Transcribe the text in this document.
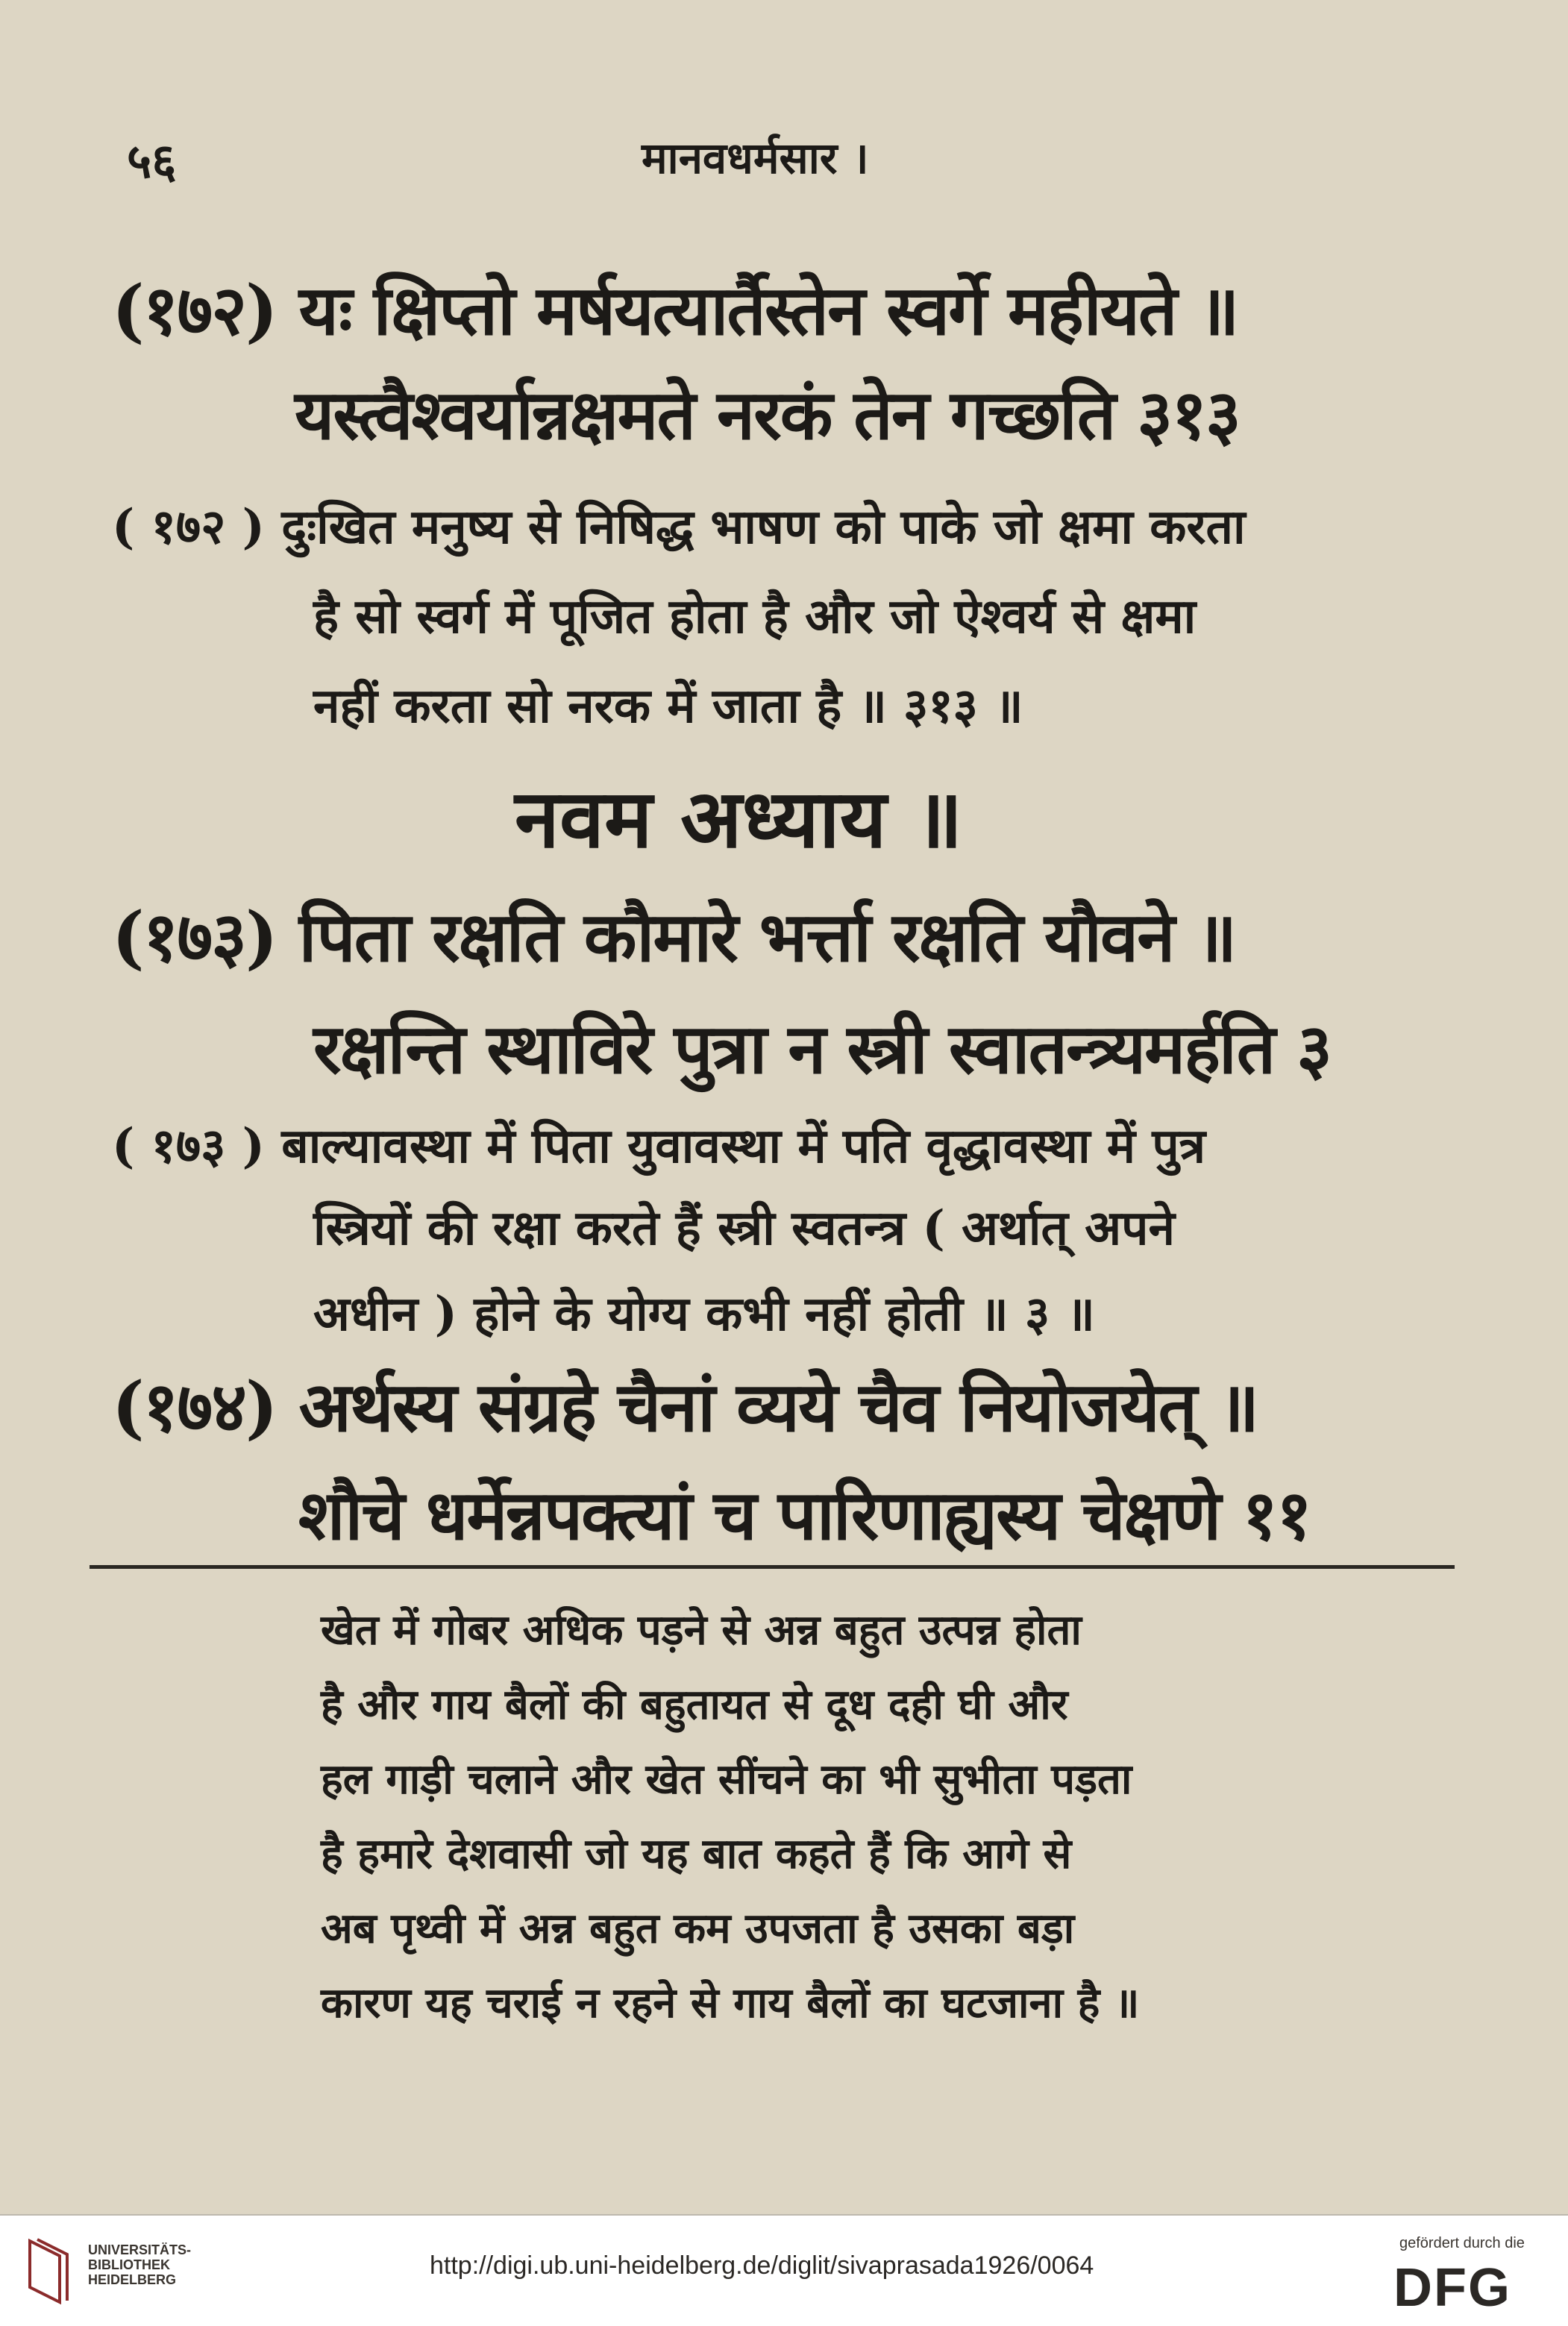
५६	मानवधर्मसार ।
(१७२) यः क्षिप्तो मर्षयत्यार्तैस्तेन स्वर्गे महीयते ॥
यस्त्वैश्वर्यान्नक्षमते नरकं तेन गच्छति ३१३
( १७२ ) दुःखित मनुष्य से निषिद्ध भाषण को पाके जो क्षमा करता
है सो स्वर्ग में पूजित होता है और जो ऐश्वर्य से क्षमा
नहीं करता सो नरक में जाता है ॥ ३१३ ॥
नवम अध्याय ॥
(१७३) पिता रक्षति कौमारे भर्त्ता रक्षति यौवने ॥
रक्षन्ति स्थाविरे पुत्रा न स्त्री स्वातन्त्र्यमर्हति ३
( १७३ ) बाल्यावस्था में पिता युवावस्था में पति वृद्धावस्था में पुत्र
स्त्रियों की रक्षा करते हैं स्त्री स्वतन्त्र ( अर्थात् अपने
अधीन ) होने के योग्य कभी नहीं होती ॥ ३ ॥
(१७४) अर्थस्य संग्रहे चैनां व्यये चैव नियोजयेत् ॥
शौचे धर्मेन्नपक्त्यां च पारिणाह्यस्य चेक्षणे ११
खेत में गोबर अधिक पड़ने से अन्न बहुत उत्पन्न होता
है और गाय बैलों की बहुतायत से दूध दही घी और
हल गाड़ी चलाने और खेत सींचने का भी सुभीता पड़ता
है हमारे देशवासी जो यह बात कहते हैं कि आगे से
अब पृथ्वी में अन्न बहुत कम उपजता है उसका बड़ा
कारण यह चराई न रहने से गाय बैलों का घटजाना है ॥
UNIVERSITÄTS-
BIBLIOTHEK
HEIDELBERG	http://digi.ub.uni-heidelberg.de/diglit/sivaprasada1926/0064
gefördert durch die
DFG
